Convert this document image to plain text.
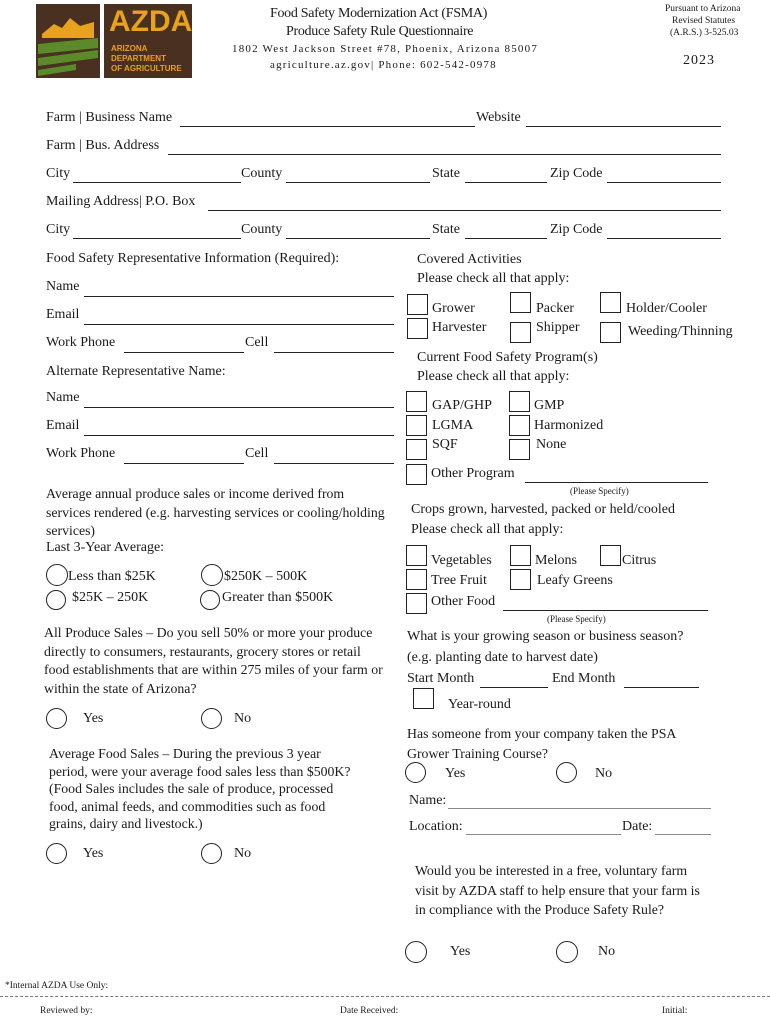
AZDA
ARIZONA
DEPARTMENT
OF AGRICULTURE
Food Safety Modernization Act (FSMA)
Produce Safety Rule Questionnaire
1802 West Jackson Street #78, Phoenix, Arizona 85007
agriculture.az.gov| Phone: 602-542-0978
Pursuant to Arizona
Revised Statutes
(A.R.S.) 3-525.03
2023
Farm | Business Name	Website
Farm | Bus. Address
City	County	State	Zip Code
Mailing Address| P.O. Box
City	County	State	Zip Code
Food Safety Representative Information (Required):
Name
Email
Work Phone	Cell
Alternate Representative Name:
Name
Email
Work Phone	Cell
Covered Activities
Please check all that apply:
Grower	Packer	Holder/Cooler
Harvester	Shipper	Weeding/Thinning
Current Food Safety Program(s)
Please check all that apply:
GAP/GHP	GMP
LGMA	Harmonized
SQF	None
Other Program
(Please Specify)
Average annual produce sales or income derived from services rendered (e.g. harvesting services or cooling/holding services)
Last 3-Year Average:
Less than $25K	$250K – 500K
$25K – 250K	Greater than $500K
Crops grown, harvested, packed or held/cooled
Please check all that apply:
Vegetables	Melons	Citrus
Tree Fruit	Leafy Greens
Other Food
(Please Specify)
All Produce Sales – Do you sell 50% or more your produce directly to consumers, restaurants, grocery stores or retail food establishments that are within 275 miles of your farm or within the state of Arizona?
Yes	No
What is your growing season or business season?
(e.g. planting date to harvest date)
Start Month	End Month
Year-round
Average Food Sales – During the previous 3 year period, were your average food sales less than $500K? (Food Sales includes the sale of produce, processed food, animal feeds, and commodities such as food grains, dairy and livestock.)
Yes	No
Has someone from your company taken the PSA Grower Training Course?
Yes	No
Name:
Location:	Date:
Would you be interested in a free, voluntary farm visit by AZDA staff to help ensure that your farm is in compliance with the Produce Safety Rule?
Yes	No
*Internal AZDA Use Only:
Reviewed by:	Date Received:	Initial:
